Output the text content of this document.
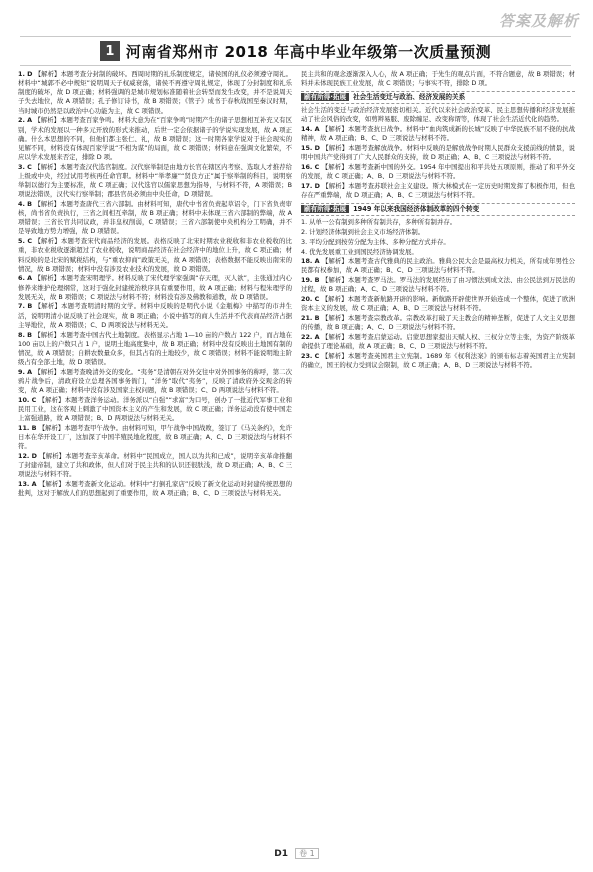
答案及解析
1 河南省郑州市 2018 年高中毕业年级第一次质量预测

1. D 【解析】本题考查分封制的破坏。西周时期的礼乐制度规定，诸侯国的礼仪必须遵守周礼。材料中“城郭不必中规矩”说明周天子权威衰落，诸侯不再遵守周礼规定，体现了分封制度和礼乐制度的破坏，故 D 项正确；材料强调的是城市规划标准随着社会转型而发生改变，并不是说周天子失去地位，故 A 项错误；孔子修订诗书，故 B 项错误；《管子》成书于春秋战国至秦汉时期，当时城市仍然是以政治中心功能为主，故 C 项错误。

2. A 【解析】本题考查百家争鸣。材料大意为在“百家争鸣”时期产生的诸子思想相互补充又有区别，学术的发展以一种多元开放的形式来推动，后世一定会依据诸子的学说实现发展，故 A 项正确。什么本思想的不同，但他们都主张仁、礼，故 B 项错误；这一时期各家学说对于社会现实的见解不同，材料没有体现百家学说“不相为谋”的局面，故 C 项错误；材料意在强调文化繁荣，不应以学术发展来否定，排除 D 项。

3. C 【解析】本题考查汉代选官制度。汉代察举制是由地方长官在辖区内考察、选取人才推荐给上级或中央，经过试用考核再任命官职。材料中“举孝廉”“贤良方正”属于察举制的科目，说明察举制以德行为主要标准，故 C 项正确；汉代选官以儒家思想为指导，与材料不符，A 项错误；B 项说法错误，汉代实行察举制；郡县官员必须由中央任命，D 项错误。

4. B 【解析】本题考查唐代三省六部制。由材料可知，唐代中书省负责起草诏令，门下省负责审核，尚书省负责执行，三省之间相互牵制，故 B 项正确；材料中未体现三省六部制的弊端，故 A 项错误；三省长官共同议政，并非皇权削弱，C 项错误；三省六部制使中央机构分工明确，并不是导致地方势力增强，故 D 项错误。

5. C 【解析】本题考查宋代商品经济的发展。表格反映了北宋时期农业税收和非农业税收的比重，非农业税收逐渐超过了农业税收，说明商品经济在社会经济中的地位上升，故 C 项正确；材料反映的是北宋的赋税结构，与“重农抑商”政策无关，故 A 项错误；表格数据不能反映出南宋的情况，故 B 项错误；材料中没有涉及农业技术的发展，故 D 项错误。

6. A 【解析】本题考查宋明理学。材料反映了宋代理学家强调“存天理，灭人欲”，主张通过内心修养来维护伦理纲常，这对于强化封建统治秩序具有重要作用，故 A 项正确；材料与程朱理学的发展无关，故 B 项错误；C 项说法与材料不符；材料没有涉及佛教和道教，故 D 项错误。

7. B 【解析】本题考查明清时期的文学。材料中反映的是明代小说《金瓶梅》中描写的市井生活，说明明清小说反映了社会现实，故 B 项正确；小说中描写的商人生活并不代表商品经济占据主导地位，故 A 项错误；C、D 两项说法与材料无关。

8. B 【解析】本题考查中国古代土地制度。表格显示占地 1—10 亩的户数占 122 户，而占地在 100 亩以上的户数只占 1 户，说明土地高度集中，故 B 项正确；材料中没有反映出土地国有制的情况，故 A 项错误；自耕农数量众多，但其占有的土地较少，故 C 项错误；材料不能说明地主阶级占有全部土地，故 D 项错误。

9. A 【解析】本题考查晚清外交的变化。“夷务”是清朝在对外交往中对外国事务的称呼，第二次鸦片战争后，清政府设立总理各国事务衙门，“洋务”取代“夷务”，反映了清政府外交观念的转变，故 A 项正确；材料中没有涉及国家主权问题，故 B 项错误；C、D 两项说法与材料不符。

10. C 【解析】本题考查洋务运动。洋务派以“自强”“求富”为口号，创办了一批近代军事工业和民用工业，这在客观上刺激了中国资本主义的产生和发展，故 C 项正确；洋务运动没有使中国走上富强道路，故 A 项错误；B、D 两项说法与材料无关。

11. B 【解析】本题考查甲午战争。由材料可知，甲午战争中国战败，签订了《马关条约》，允许日本在华开设工厂，这加深了中国半殖民地化程度，故 B 项正确；A、C、D 三项说法均与材料不符。

12. D 【解析】本题考查辛亥革命。材料中“民国成立，国人以为共和已成”，说明辛亥革命推翻了封建帝制，建立了共和政体，但人们对于民主共和的认识还很肤浅，故 D 项正确；A、B、C 三项说法与材料不符。

13. A 【解析】本题考查新文化运动。材料中“打倒孔家店”反映了新文化运动对封建传统思想的批判，这对于解放人们的思想起到了重要作用，故 A 项正确；B、C、D 三项说法与材料无关。

民主共和的观念逐渐深入人心，故 A 项正确；于先生的观点片面，不符合题意，故 B 项错误；材料并未体现民族工业发展，故 C 项错误；与事实不符，排除 D 项。

刷有所得·拓展 社会生活变迁与政治、经济发展的关系

社会生活的变迁与政治经济发展密切相关。近代以来社会政治变革、民主思想传播和经济发展推动了社会风俗的改变，如剪辫易服、废除缠足、改变称谓等，体现了社会生活近代化的趋势。

14. A 【解析】本题考查抗日战争。材料中“血肉筑成新的长城”反映了中华民族不屈不挠的抗战精神，故 A 项正确；B、C、D 三项说法与材料不符。

15. D 【解析】本题考查解放战争。材料中反映的是解放战争时期人民群众支援前线的情景，说明中国共产党得到了广大人民群众的支持，故 D 项正确；A、B、C 三项说法与材料不符。

16. C 【解析】本题考查新中国的外交。1954 年中国提出和平共处五项原则，推动了和平外交的发展，故 C 项正确；A、B、D 三项说法与材料不符。

17. D 【解析】本题考查苏联社会主义建设。斯大林模式在一定历史时期发挥了积极作用，但也存在严重弊端，故 D 项正确；A、B、C 三项说法与材料不符。

刷有所得·拓展 1949 年以来我国经济体制改革的四个转变

1. 从单一公有制到多种所有制共存，多种所有制并存。

2. 计划经济体制到社会主义市场经济体制。

3. 平均分配到按劳分配为主体、多种分配方式并存。

4. 优先发展重工业到国民经济协调发展。

18. A 【解析】本题考查古代雅典的民主政治。雅典公民大会是最高权力机关，所有成年男性公民都有权参加，故 A 项正确；B、C、D 三项说法与材料不符。

19. B 【解析】本题考查罗马法。罗马法的发展经历了由习惯法到成文法、由公民法到万民法的过程，故 B 项正确；A、C、D 三项说法与材料不符。

20. C 【解析】本题考查新航路开辟的影响。新航路开辟使世界开始连成一个整体，促进了欧洲资本主义的发展，故 C 项正确；A、B、D 三项说法与材料不符。

21. B 【解析】本题考查宗教改革。宗教改革打破了天主教会的精神垄断，促进了人文主义思想的传播，故 B 项正确；A、C、D 三项说法与材料不符。

22. A 【解析】本题考查启蒙运动。启蒙思想家提出天赋人权、三权分立等主张，为资产阶级革命提供了理论基础，故 A 项正确；B、C、D 三项说法与材料不符。

23. C 【解析】本题考查英国君主立宪制。1689 年《权利法案》的颁布标志着英国君主立宪制的确立，国王的权力受到议会限制，故 C 项正确；A、B、D 三项说法与材料不符。

D1 卷 1
